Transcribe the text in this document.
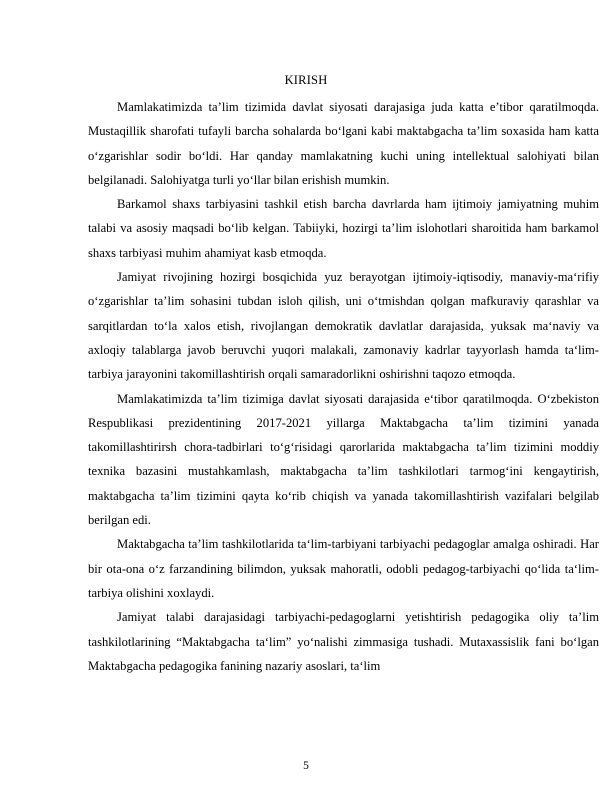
KIRISH

Mamlakatimizda ta’lim tizimida davlat siyosati darajasiga juda katta e’tibor qaratilmoqda. Mustaqillik sharofati tufayli barcha sohalarda bo‘lgani kabi maktabgacha ta’lim soxasida ham katta o‘zgarishlar sodir bo‘ldi. Har qanday mamlakatning kuchi uning intellektual salohiyati bilan belgilanadi. Salohiyatga turli yo‘llar bilan erishish mumkin.

Barkamol shaxs tarbiyasini tashkil etish barcha davrlarda ham ijtimoiy jamiyatning muhim talabi va asosiy maqsadi bo‘lib kelgan. Tabiiyki, hozirgi ta’lim islohotlari sharoitida ham barkamol shaxs tarbiyasi muhim ahamiyat kasb etmoqda.

Jamiyat rivojining hozirgi bosqichida yuz berayotgan ijtimoiy-iqtisodiy, manaviy-ma‘rifiy o‘zgarishlar ta’lim sohasini tubdan isloh qilish, uni o‘tmishdan qolgan mafkuraviy qarashlar va sarqitlardan to‘la xalos etish, rivojlangan demokratik davlatlar darajasida, yuksak ma‘naviy va axloqiy talablarga javob beruvchi yuqori malakali, zamonaviy kadrlar tayyorlash hamda ta‘lim-tarbiya jarayonini takomillashtirish orqali samaradorlikni oshirishni taqozo etmoqda.

Mamlakatimizda ta’lim tizimiga davlat siyosati darajasida e‘tibor qaratilmoqda. O‘zbekiston Respublikasi prezidentining 2017-2021 yillarga Maktabgacha ta’lim tizimini yanada takomillashtirirsh chora-tadbirlari to‘g‘risidagi qarorlarida maktabgacha ta’lim tizimini moddiy texnika bazasini mustahkamlash, maktabgacha ta’lim tashkilotlari tarmog‘ini kengaytirish, maktabgacha ta’lim tizimini qayta ko‘rib chiqish va yanada takomillashtirish vazifalari belgilab berilgan edi.

Maktabgacha ta’lim tashkilotlarida ta‘lim-tarbiyani tarbiyachi pedagoglar amalga oshiradi. Har bir ota-ona o‘z farzandining bilimdon, yuksak mahoratli, odobli pedagog-tarbiyachi qo‘lida ta‘lim-tarbiya olishini xoxlaydi.

Jamiyat talabi darajasidagi tarbiyachi-pedagoglarni yetishtirish pedagogika oliy ta’lim tashkilotlarining “Maktabgacha ta‘lim” yo‘nalishi zimmasiga tushadi. Mutaxassislik fani bo‘lgan Maktabgacha pedagogika fanining nazariy asoslari, ta‘lim

5
